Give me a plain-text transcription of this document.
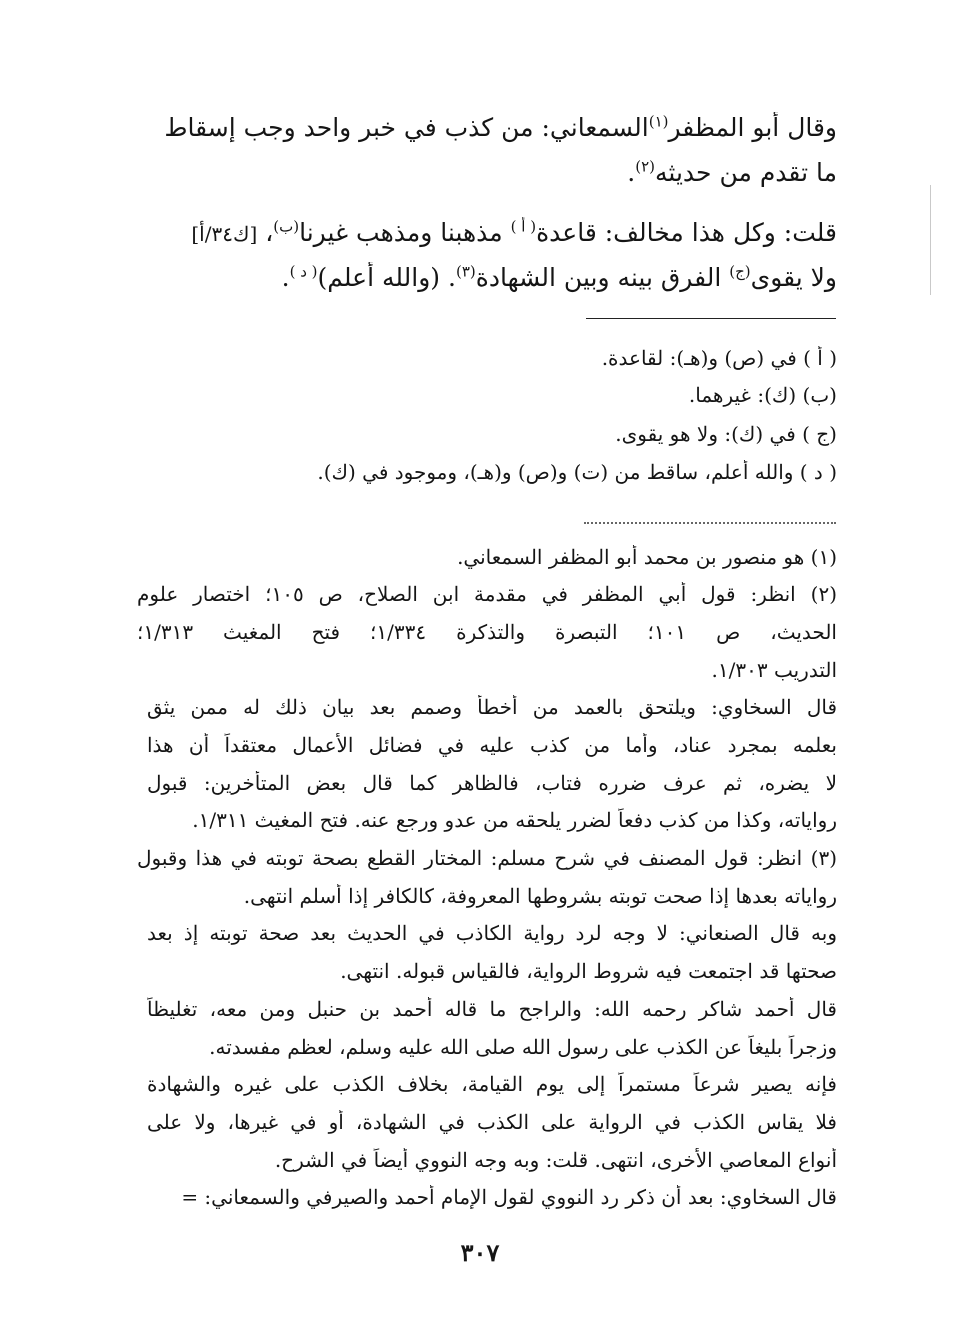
وقال أبو المظفر$^{(١)}$السمعاني: من كذب في خبر واحد وجب إسقاط
ما تقدم من حديثه$^{(٢)}$.
قلت: وكل هذا مخالف: قاعدة$^{( أ )}$ مذهبنا ومذهب غيرنا$^{(ب)}$، [ك٣٤/أ]
ولا يقوى$^{(ج)}$ الفرق بينه وبين الشهادة$^{(٣)}$. (والله أعلم)$^{( د )}$.
( أ ) في (ص) و(هـ): لقاعدة.
(ب) (ك): غيرهما.
(ج ) في (ك): ولا هو يقوى.
( د ) والله أعلم، ساقط من (ت) و(ص) و(هـ)، وموجود في (ك).
(١) هو منصور بن محمد أبو المظفر السمعاني.
(٢) انظر: قول أبي المظفر في مقدمة ابن الصلاح، ص ١٠٥؛ اختصار علوم
الحديث، ص ١٠١؛ التبصرة والتذكرة ١/٣٣٤؛ فتح المغيث ١/٣١٣؛
التدريب ١/٣٠٣.
قال السخاوي: ويلتحق بالعمد من أخطأ وصمم بعد بيان ذلك له ممن يثق
بعلمه بمجرد عناد، وأما من كذب عليه في فضائل الأعمال معتقداً أن هذا
لا يضره، ثم عرف ضرره فتاب، فالظاهر كما قال بعض المتأخرين: قبول
رواياته، وكذا من كذب دفعاً لضرر يلحقه من عدو ورجع عنه. فتح المغيث ١/٣١١.
(٣) انظر: قول المصنف في شرح مسلم: المختار القطع بصحة توبته في هذا وقبول
رواياته بعدها إذا صحت توبته بشروطها المعروفة، كالكافر إذا أسلم انتهى.
وبه قال الصنعاني: لا وجه لرد رواية الكاذب في الحديث بعد صحة توبته إذ بعد
صحتها قد اجتمعت فيه شروط الرواية، فالقياس قبوله. انتهى.
قال أحمد شاكر رحمه الله: والراجح ما قاله أحمد بن حنبل ومن معه، تغليظاً
وزجراً بليغاً عن الكذب على رسول الله صلى الله عليه وسلم، لعظم مفسدته.
فإنه يصير شرعاً مستمراً إلى يوم القيامة، بخلاف الكذب على غيره والشهادة
فلا يقاس الكذب في الرواية على الكذب في الشهادة، أو في غيرها، ولا على
أنواع المعاصي الأخرى، انتهى. قلت: وبه وجه النووي أيضاً في الشرح.
قال السخاوي: بعد أن ذكر رد النووي لقول الإمام أحمد والصيرفي والسمعاني: =
٣٠٧
